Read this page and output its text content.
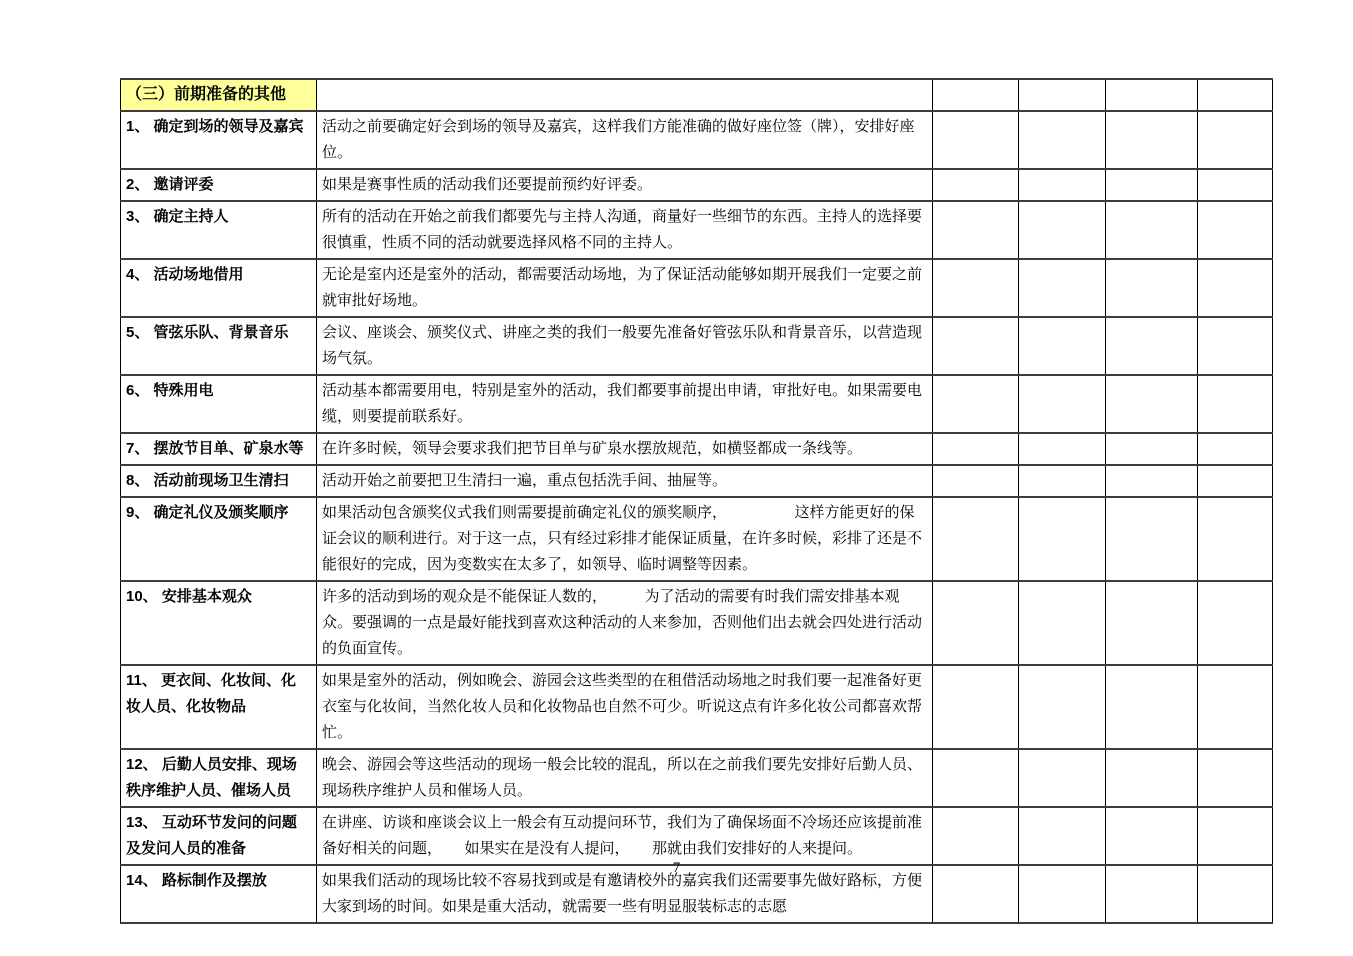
（三）前期准备的其他					
1、 确定到场的领导及嘉宾	活动之前要确定好会到场的领导及嘉宾，这样我们方能准确的做好座位签（牌），安排好座位。				
2、 邀请评委	如果是赛事性质的活动我们还要提前预约好评委。				
3、 确定主持人	所有的活动在开始之前我们都要先与主持人沟通，商量好一些细节的东西。主持人的选择要很慎重，性质不同的活动就要选择风格不同的主持人。				
4、 活动场地借用	无论是室内还是室外的活动，都需要活动场地，为了保证活动能够如期开展我们一定要之前就审批好场地。				
5、 管弦乐队、背景音乐	会议、座谈会、颁奖仪式、讲座之类的我们一般要先准备好管弦乐队和背景音乐，以营造现场气氛。				
6、 特殊用电	活动基本都需要用电，特别是室外的活动，我们都要事前提出申请，审批好电。如果需要电缆，则要提前联系好。				
7、 摆放节目单、矿泉水等	在许多时候，领导会要求我们把节目单与矿泉水摆放规范，如横竖都成一条线等。				
8、 活动前现场卫生清扫	活动开始之前要把卫生清扫一遍，重点包括洗手间、抽屉等。				
9、 确定礼仪及颁奖顺序	如果活动包含颁奖仪式我们则需要提前确定礼仪的颁奖顺序，　　　　　这样方能更好的保证会议的顺利进行。对于这一点，只有经过彩排才能保证质量，在许多时候，彩排了还是不能很好的完成，因为变数实在太多了，如领导、临时调整等因素。				
10、 安排基本观众	许多的活动到场的观众是不能保证人数的，　　　为了活动的需要有时我们需安排基本观众。要强调的一点是最好能找到喜欢这种活动的人来参加，否则他们出去就会四处进行活动的负面宣传。				
11、 更衣间、化妆间、化妆人员、化妆物品	如果是室外的活动，例如晚会、游园会这些类型的在租借活动场地之时我们要一起准备好更衣室与化妆间，当然化妆人员和化妆物品也自然不可少。听说这点有许多化妆公司都喜欢帮忙。				
12、 后勤人员安排、现场秩序维护人员、催场人员	晚会、游园会等这些活动的现场一般会比较的混乱，所以在之前我们要先安排好后勤人员、现场秩序维护人员和催场人员。				
13、 互动环节发问的问题及发问人员的准备	在讲座、访谈和座谈会议上一般会有互动提问环节，我们为了确保场面不冷场还应该提前准备好相关的问题，　　如果实在是没有人提问，　　那就由我们安排好的人来提问。				
14、 路标制作及摆放	如果我们活动的现场比较不容易找到或是有邀请校外的嘉宾我们还需要事先做好路标，方便大家到场的时间。如果是重大活动，就需要一些有明显服装标志的志愿				
7
